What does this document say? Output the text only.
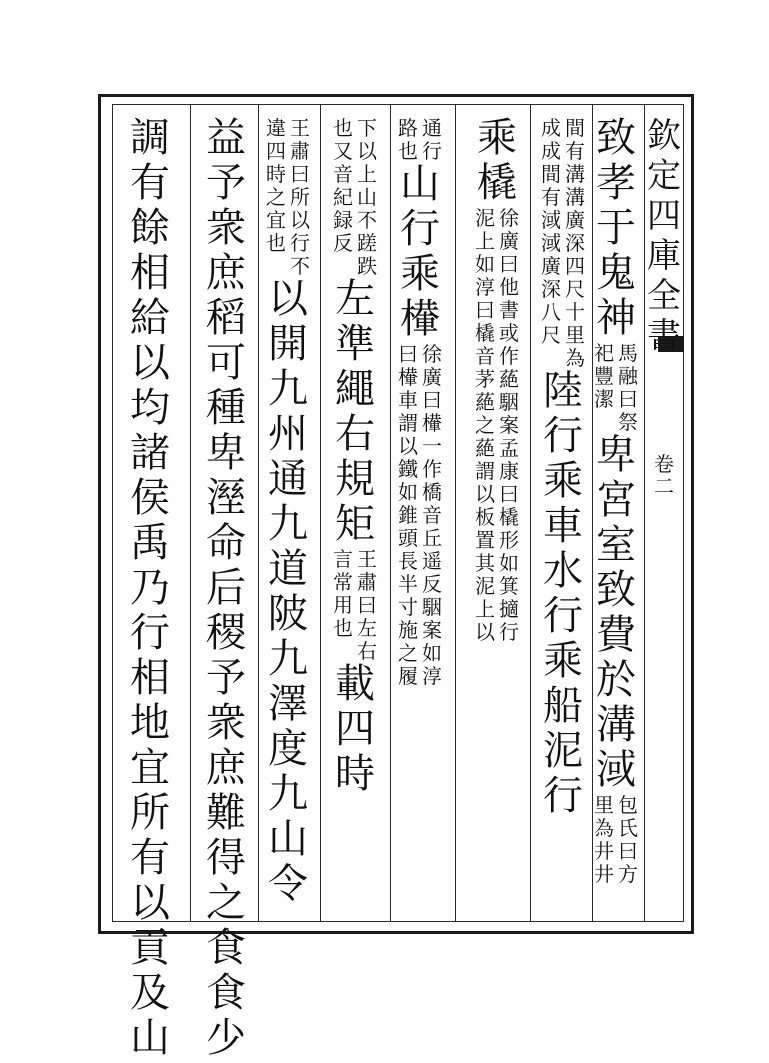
欽
定
四
庫
全
書
卷
二
致
孝
于
鬼
神
祀
豐
潔
馬
融
曰
祭
卑
宮
室
致
費
於
溝
淢
里
為
井
井
包
氏
曰
方
成
成
間
有
淢
淢
廣
深
八
尺
間
有
溝
溝
廣
深
四
尺
十
里
為
陸
行
乘
車
水
行
乘
船
泥
行
乘
橇
泥
上
如
淳
曰
橇
音
茅
蕝
之
蕝
謂
以
板
置
其
泥
上
以
徐
廣
曰
他
書
或
作
蕝
駰
案
孟
康
曰
橇
形
如
箕
擿
行
路
也
通
行
山
行
乘
檋
曰
檋
車
謂
以
鐵
如
錐
頭
長
半
寸
施
之
履
徐
廣
曰
檋
一
作
橋
音
丘
遥
反
駰
案
如
淳
也
又
音
紀
録
反
下
以
上
山
不
蹉
跌
左
準
繩
右
規
矩
言
常
用
也
王
肅
曰
左
右
載
四
時
違
四
時
之
宜
也
王
肅
曰
所
以
行
不
以
開
九
州
通
九
道
陂
九
澤
度
九
山
令
益
予
衆
庶
稻
可
種
卑
溼
命
后
稷
予
衆
庶
難
得
之
食
食
少
調
有
餘
相
給
以
均
諸
侯
禹
乃
行
相
地
宜
所
有
以
貢
及
山
